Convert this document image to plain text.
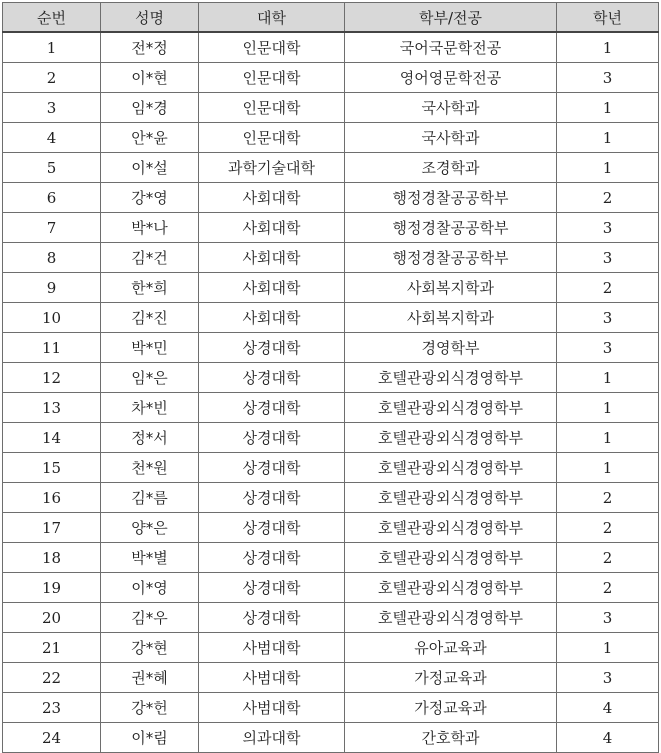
순번	성명	대학	학부/전공	학년
1	전*정	인문대학	국어국문학전공	1
2	이*현	인문대학	영어영문학전공	3
3	임*경	인문대학	국사학과	1
4	안*윤	인문대학	국사학과	1
5	이*설	과학기술대학	조경학과	1
6	강*영	사회대학	행정경찰공공학부	2
7	박*나	사회대학	행정경찰공공학부	3
8	김*건	사회대학	행정경찰공공학부	3
9	한*희	사회대학	사회복지학과	2
10	김*진	사회대학	사회복지학과	3
11	박*민	상경대학	경영학부	3
12	임*은	상경대학	호텔관광외식경영학부	1
13	차*빈	상경대학	호텔관광외식경영학부	1
14	정*서	상경대학	호텔관광외식경영학부	1
15	천*원	상경대학	호텔관광외식경영학부	1
16	김*름	상경대학	호텔관광외식경영학부	2
17	양*은	상경대학	호텔관광외식경영학부	2
18	박*별	상경대학	호텔관광외식경영학부	2
19	이*영	상경대학	호텔관광외식경영학부	2
20	김*우	상경대학	호텔관광외식경영학부	3
21	강*현	사범대학	유아교육과	1
22	권*혜	사범대학	가정교육과	3
23	강*헌	사범대학	가정교육과	4
24	이*림	의과대학	간호학과	4
